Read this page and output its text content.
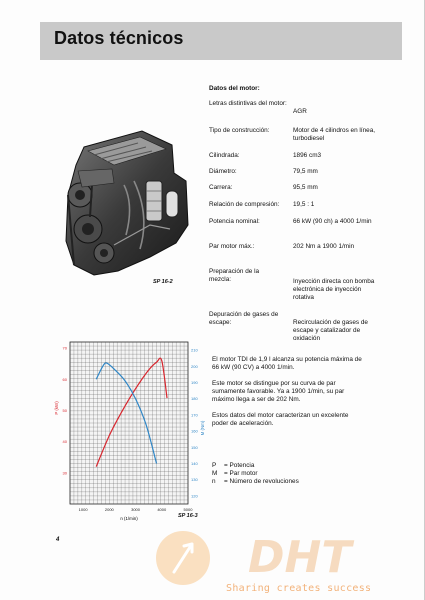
Datos técnicos
Datos del motor:
Letras distintivas del motor:
AGR
Tipo de construcción:	Motor de 4 cilindros en línea, turbodiesel
Cilindrada:	1896 cm3
Diámetro:	79,5 mm
Carrera:	95,5 mm
Relación de compresión:	19,5 : 1
Potencia nominal:	66 kW (90 ch) a 4000 1/min
Par motor máx.:	202 Nm a 1900 1/min
Preparación de la mezcla:	Inyección directa con bomba electrónica de inyección rotativa
Depuración de gases de escape:	Recirculación de gases de escape y catalizador de oxidación
SP 16-2
30
40
50
60
70
120
130
140
150
160
170
180
190
200
210
1000	2000	3000	4000	5000
P (kW)
M (Nm)
n (1/min)	SP 16-3

El motor TDI de 1,9 l alcanza su potencia máxima de 66 kW (90 CV) a 4000 1/min.

Este motor se distingue por su curva de par sumamente favorable. Ya a 1900 1/min, su par máximo llega a ser de 202 Nm.

Estos datos del motor caracterizan un excelente poder de aceleración.

P = Potencia
M = Par motor
n = Número de revoluciones
4	DHT
Sharing creates success
